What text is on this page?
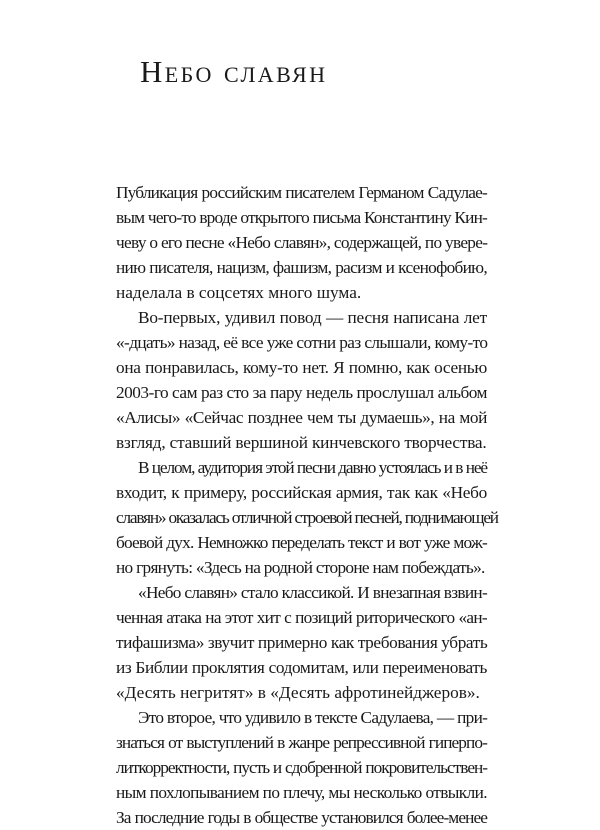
Небо славян
Публикация российским писателем Германом Садулае-
вым чего-то вроде открытого письма Константину Кин-
чеву о его песне «Небо славян», содержащей, по увере-
нию писателя, нацизм, фашизм, расизм и ксенофобию,
наделала в соцсетях много шума.
Во-первых, удивил повод — песня написана лет
«-дцать» назад, её все уже сотни раз слышали, кому-то
она понравилась, кому-то нет. Я помню, как осенью
2003-го сам раз сто за пару недель прослушал альбом
«Алисы» «Сейчас позднее чем ты думаешь», на мой
взгляд, ставший вершиной кинчевского творчества.
В целом, аудитория этой песни давно устоялась и в неё
входит, к примеру, российская армия, так как «Небо
славян» оказалась отличной строевой песней, поднимающей
боевой дух. Немножко переделать текст и вот уже мож-
но грянуть: «Здесь на родной стороне нам побеждать».
«Небо славян» стало классикой. И внезапная взвин-
ченная атака на этот хит с позиций риторического «ан-
тифашизма» звучит примерно как требования убрать
из Библии проклятия содомитам, или переименовать
«Десять негритят» в «Десять афротинейджеров».
Это второе, что удивило в тексте Садулаева, — при-
знаться от выступлений в жанре репрессивной гиперпо-
литкорректности, пусть и сдобренной покровительствен-
ным похлопыванием по плечу, мы несколько отвыкли.
За последние годы в обществе установился более-менее
